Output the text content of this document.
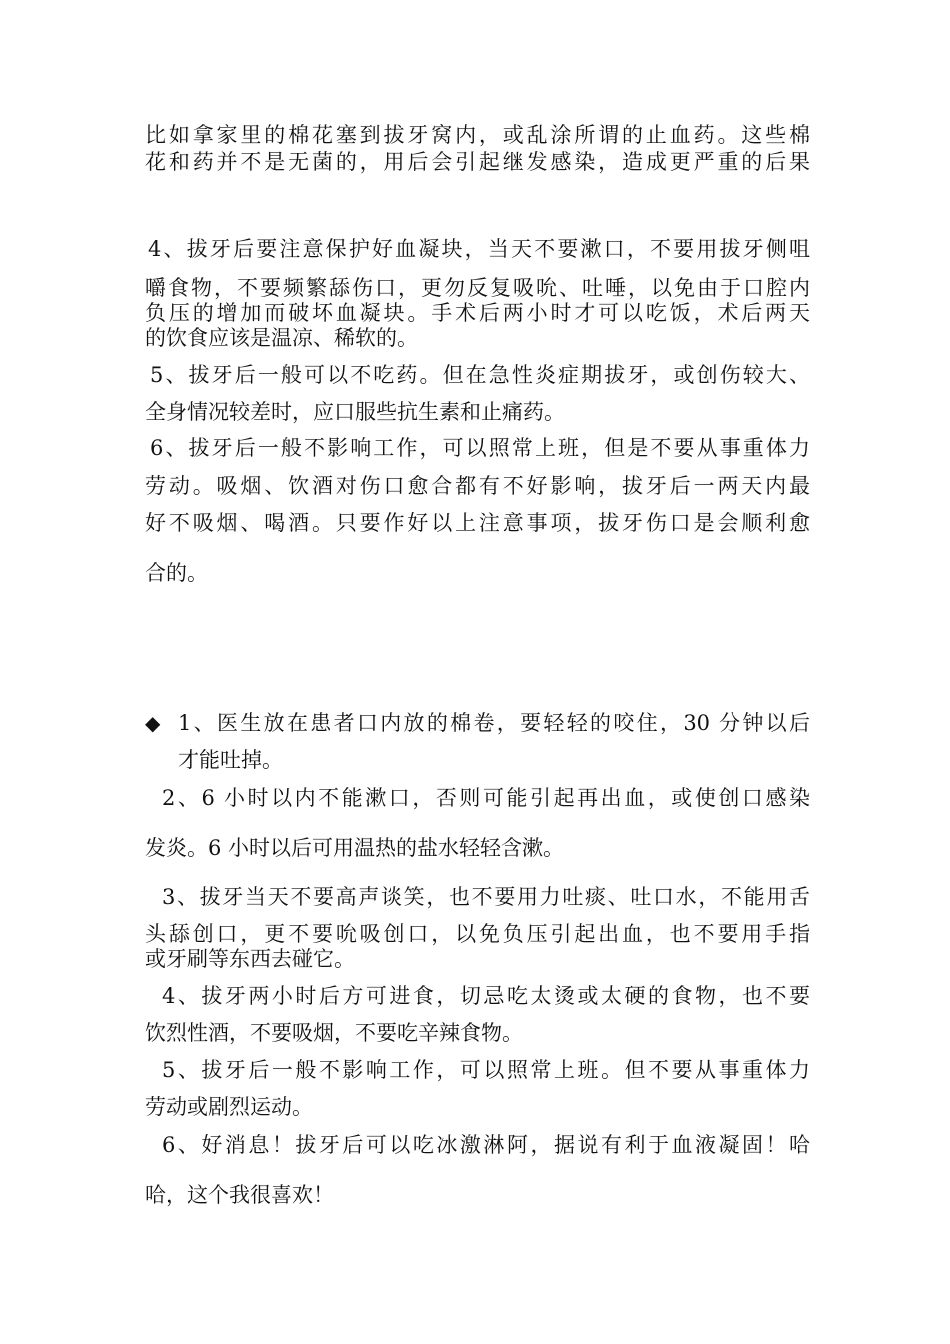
比如拿家里的棉花塞到拔牙窝内，或乱涂所谓的止血药。这些棉
花和药并不是无菌的，用后会引起继发感染，造成更严重的后果
4、拔牙后要注意保护好血凝块，当天不要漱口，不要用拔牙侧咀
嚼食物，不要频繁舔伤口，更勿反复吸吮、吐唾，以免由于口腔内
负压的增加而破坏血凝块。手术后两小时才可以吃饭，术后两天
的饮食应该是温凉、稀软的。
5、拔牙后一般可以不吃药。但在急性炎症期拔牙，或创伤较大、
全身情况较差时，应口服些抗生素和止痛药。
6、拔牙后一般不影响工作，可以照常上班，但是不要从事重体力
劳动。吸烟、饮酒对伤口愈合都有不好影响，拔牙后一两天内最
好不吸烟、喝酒。只要作好以上注意事项，拔牙伤口是会顺利愈
合的。
◆ 1、医生放在患者口内放的棉卷，要轻轻的咬住，30 分钟以后
才能吐掉。
2、6 小时以内不能漱口，否则可能引起再出血，或使创口感染
发炎。6 小时以后可用温热的盐水轻轻含漱。
3、拔牙当天不要高声谈笑，也不要用力吐痰、吐口水，不能用舌
头舔创口，更不要吮吸创口，以免负压引起出血，也不要用手指
或牙刷等东西去碰它。
4、拔牙两小时后方可进食，切忌吃太烫或太硬的食物，也不要
饮烈性酒，不要吸烟，不要吃辛辣食物。
5、拔牙后一般不影响工作，可以照常上班。但不要从事重体力
劳动或剧烈运动。
6、好消息！拔牙后可以吃冰激淋阿，据说有利于血液凝固！哈
哈，这个我很喜欢！
